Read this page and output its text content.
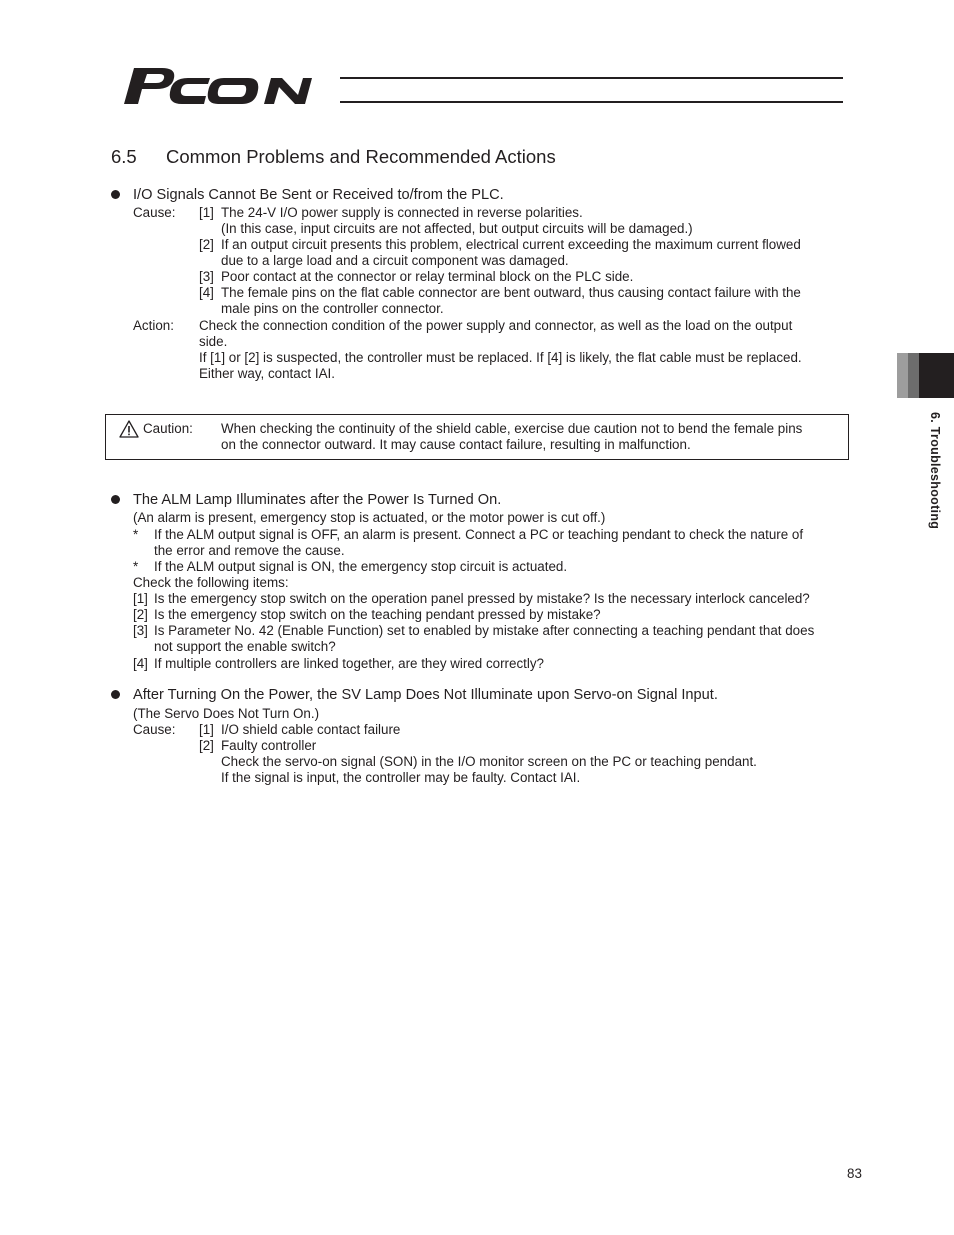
6.5 Common Problems and Recommended Actions
I/O Signals Cannot Be Sent or Received to/from the PLC.
Cause: [1] The 24-V I/O power supply is connected in reverse polarities.
(In this case, input circuits are not affected, but output circuits will be damaged.)
[2] If an output circuit presents this problem, electrical current exceeding the maximum current flowed
due to a large load and a circuit component was damaged.
[3] Poor contact at the connector or relay terminal block on the PLC side.
[4] The female pins on the flat cable connector are bent outward, thus causing contact failure with the
male pins on the controller connector.
Action: Check the connection condition of the power supply and connector, as well as the load on the output
side.
If [1] or [2] is suspected, the controller must be replaced. If [4] is likely, the flat cable must be replaced.
Either way, contact IAI.
Caution: When checking the continuity of the shield cable, exercise due caution not to bend the female pins
on the connector outward. It may cause contact failure, resulting in malfunction.
The ALM Lamp Illuminates after the Power Is Turned On.
(An alarm is present, emergency stop is actuated, or the motor power is cut off.)
* If the ALM output signal is OFF, an alarm is present. Connect a PC or teaching pendant to check the nature of
the error and remove the cause.
* If the ALM output signal is ON, the emergency stop circuit is actuated.
Check the following items:
[1] Is the emergency stop switch on the operation panel pressed by mistake? Is the necessary interlock canceled?
[2] Is the emergency stop switch on the teaching pendant pressed by mistake?
[3] Is Parameter No. 42 (Enable Function) set to enabled by mistake after connecting a teaching pendant that does
not support the enable switch?
[4] If multiple controllers are linked together, are they wired correctly?
After Turning On the Power, the SV Lamp Does Not Illuminate upon Servo-on Signal Input.
(The Servo Does Not Turn On.)
Cause: [1] I/O shield cable contact failure
[2] Faulty controller
Check the servo-on signal (SON) in the I/O monitor screen on the PC or teaching pendant.
If the signal is input, the controller may be faulty. Contact IAI.
6. Troubleshooting
83
